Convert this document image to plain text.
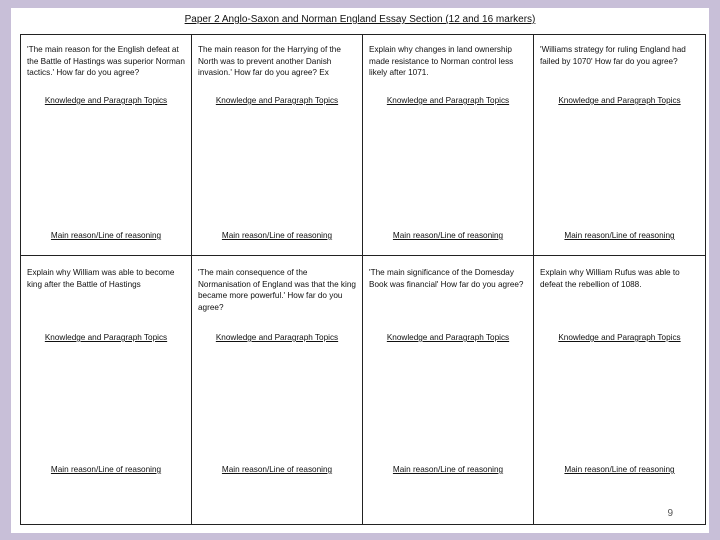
Paper 2 Anglo-Saxon and Norman England Essay Section (12 and 16 markers)
'The main reason for the English defeat at the Battle of Hastings was superior Norman tactics.' How far do you agree?
Knowledge and Paragraph Topics
Main reason/Line of reasoning
The main reason for the Harrying of the North was to prevent another Danish invasion.' How far do you agree? Ex
Knowledge and Paragraph Topics
Main reason/Line of reasoning
Explain why changes in land ownership made resistance to Norman control less likely after 1071.
Knowledge and Paragraph Topics
Main reason/Line of reasoning
'Williams strategy for ruling England had failed by 1070' How far do you agree?
Knowledge and Paragraph Topics
Main reason/Line of reasoning
Explain why William was able to become king after the Battle of Hastings
Knowledge and Paragraph Topics
Main reason/Line of reasoning
'The main consequence of the Normanisation of England was that the king became more powerful.' How far do you agree?
Knowledge and Paragraph Topics
Main reason/Line of reasoning
'The main significance of the Domesday Book was financial' How far do you agree?
Knowledge and Paragraph Topics
Main reason/Line of reasoning
Explain why William Rufus was able to defeat the rebellion of 1088.
Knowledge and Paragraph Topics
Main reason/Line of reasoning
9
